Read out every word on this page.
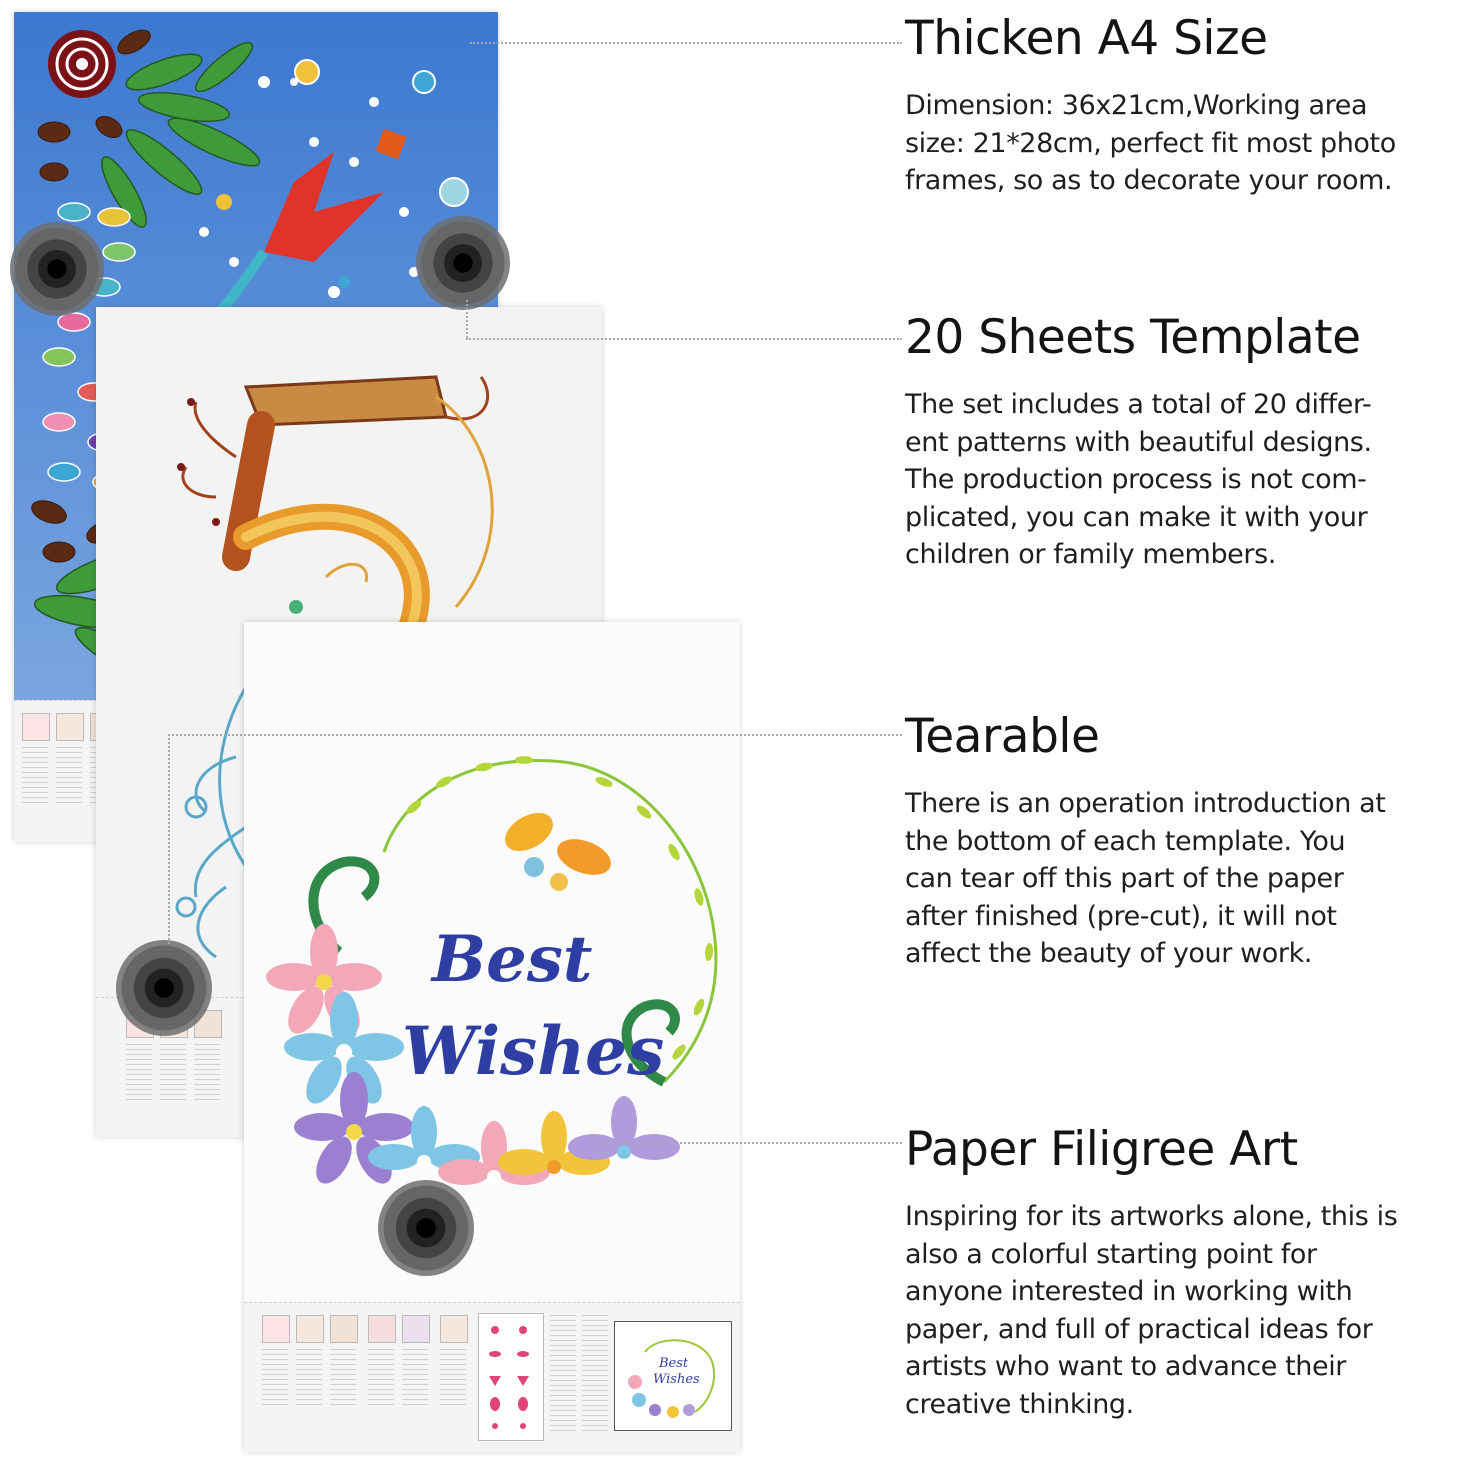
Best
Wishes
Best
Wishes
Thicken A4 Size

Dimension: 36x21cm,Working area
size: 21*28cm, perfect fit most photo
frames, so as to decorate your room.

20 Sheets Template

The set includes a total of 20 differ-
ent patterns with beautiful designs.
The production process is not com-
plicated, you can make it with your
children or family members.

Tearable

There is an operation introduction at
the bottom of each template. You
can tear off this part of the paper
after finished (pre-cut), it will not
affect the beauty of your work.

Paper Filigree Art

Inspiring for its artworks alone, this is
also a colorful starting point for
anyone interested in working with
paper, and full of practical ideas for
artists who want to advance their
creative thinking.
